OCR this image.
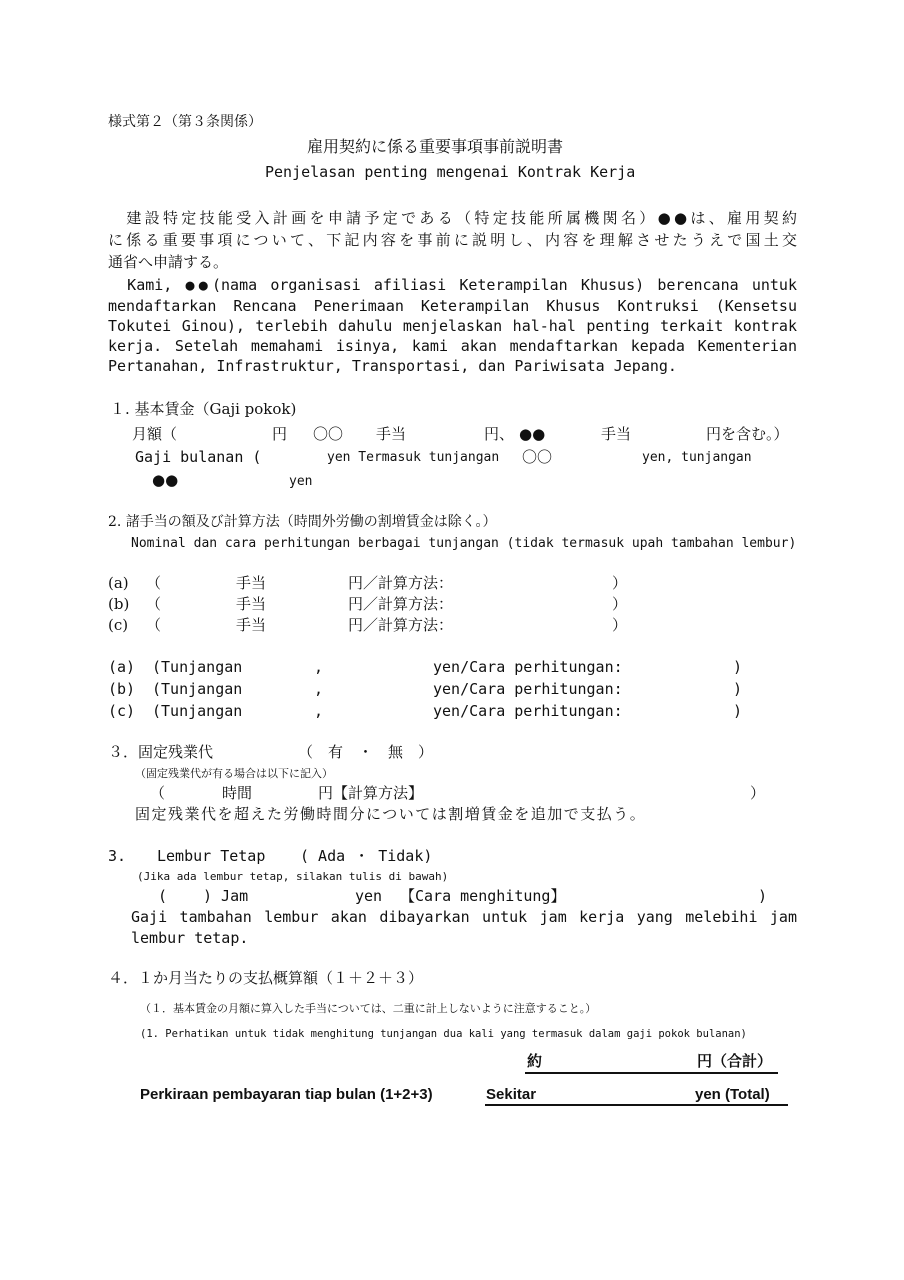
様式第２（第３条関係）
雇用契約に係る重要事項事前説明書
Penjelasan penting mengenai Kontrak Kerja
　建設特定技能受入計画を申請予定である（特定技能所属機関名）●●は、雇用契約
に係る重要事項について、下記内容を事前に説明し、内容を理解させたうえで国土交
通省へ申請する。
　Kami, ●●(nama organisasi afiliasi Keterampilan Khusus) berencana untuk
mendaftarkan Rencana Penerimaan Keterampilan Khusus Kontruksi (Kensetsu
Tokutei Ginou), terlebih dahulu menjelaskan hal-hal penting terkait kontrak
kerja. Setelah memahami isinya, kami akan mendaftarkan kepada Kementerian
Pertanahan, Infrastruktur, Transportasi, dan Pariwisata Jepang.
１. 基本賃金（Gaji pokok)
月額（	円 〇〇 手当	円、 ●●	手当	円を含む。）
Gaji bulanan (	yen Termasuk tunjangan 〇〇	yen, tunjangan
●●	yen
2. 諸手当の額及び計算方法（時間外労働の割増賃金は除く。）
Nominal dan cara perhitungan berbagai tunjangan (tidak termasuk upah tambahan lembur)
(a) （	手当	円／計算方法：	）
(b) （	手当	円／計算方法：	）
(c) （	手当	円／計算方法：	）
(a) (Tunjangan	,	yen/Cara perhitungan:	)
(b) (Tunjangan	,	yen/Cara perhitungan:	)
(c) (Tunjangan	,	yen/Cara perhitungan:	)
３．固定残業代	（　有　・　無　）
（固定残業代が有る場合は以下に記入）
（	時間	円【計算方法】	）
固定残業代を超えた労働時間分については割増賃金を追加で支払う。
3. Lembur Tetap ( Ada ・ Tidak)
(Jika ada lembur tetap, silakan tulis di bawah)
( ) Jam	yen 【Cara menghitung】	)
Gaji tambahan lembur akan dibayarkan untuk jam kerja yang melebihi jam
lembur tetap.
４．１か月当たりの支払概算額（１＋２＋３）
（１．基本賃金の月額に算入した手当については、二重に計上しないように注意すること。）
(1. Perhatikan untuk tidak menghitung tunjangan dua kali yang termasuk dalam gaji pokok bulanan)
約	円（合計）
Perkiraan pembayaran tiap bulan (1+2+3)	Sekitar	yen (Total)
